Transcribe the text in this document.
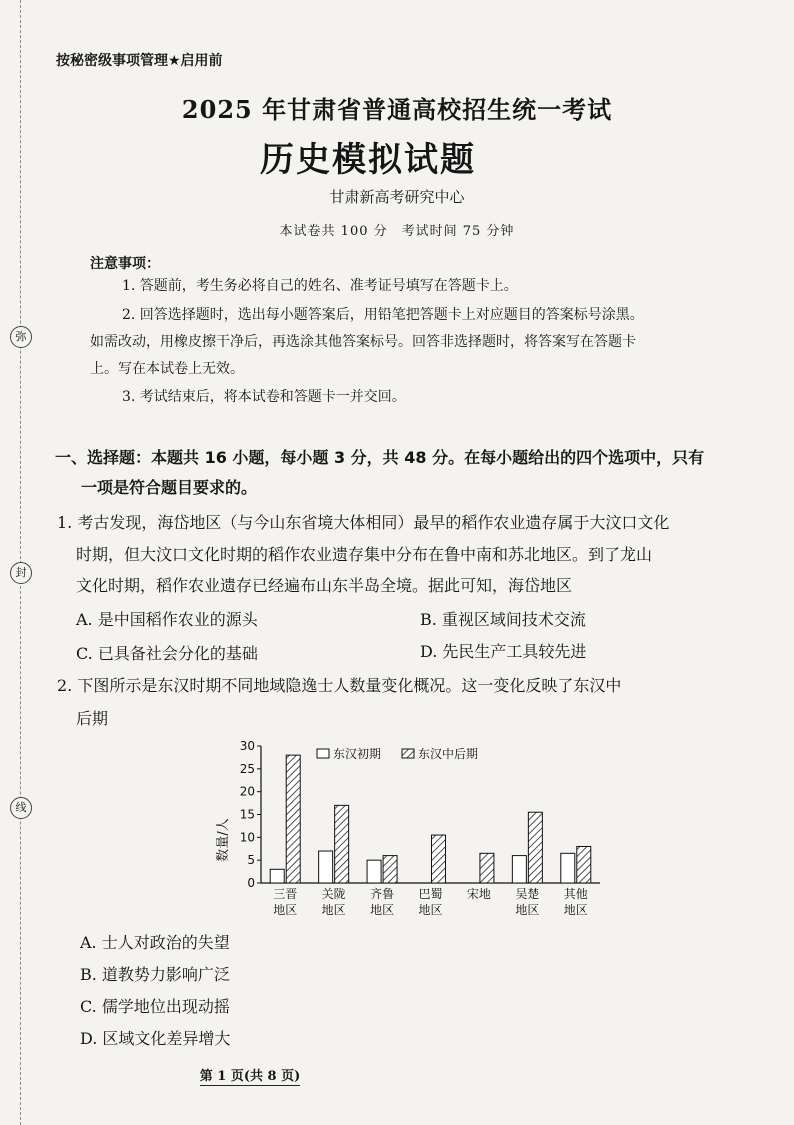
弥
封
线
按秘密级事项管理★启用前
2025 年甘肃省普通高校招生统一考试
历史模拟试题
甘肃新高考研究中心
本试卷共 100 分　考试时间 75 分钟
注意事项：
1. 答题前，考生务必将自己的姓名、准考证号填写在答题卡上。
2. 回答选择题时，选出每小题答案后，用铅笔把答题卡上对应题目的答案标号涂黑。
如需改动，用橡皮擦干净后，再选涂其他答案标号。回答非选择题时，将答案写在答题卡
上。写在本试卷上无效。
3. 考试结束后，将本试卷和答题卡一并交回。
一、选择题：本题共 16 小题，每小题 3 分，共 48 分。在每小题给出的四个选项中，只有
一项是符合题目要求的。
1. 考古发现，海岱地区（与今山东省境大体相同）最早的稻作农业遗存属于大汶口文化
时期，但大汶口文化时期的稻作农业遗存集中分布在鲁中南和苏北地区。到了龙山
文化时期，稻作农业遗存已经遍布山东半岛全境。据此可知，海岱地区
A. 是中国稻作农业的源头	B. 重视区域间技术交流
C. 已具备社会分化的基础	D. 先民生产工具较先进
2. 下图所示是东汉时期不同地域隐逸士人数量变化概况。这一变化反映了东汉中
后期
数量/人
0
5
10
15
20
25
30
三晋
地区
关陇
地区
齐鲁
地区
巴蜀
地区
宋地 吴楚
地区
其他
地区
东汉初期	东汉中后期
A. 士人对政治的失望
B. 道教势力影响广泛
C. 儒学地位出现动摇
D. 区域文化差异增大
第 1 页(共 8 页)
